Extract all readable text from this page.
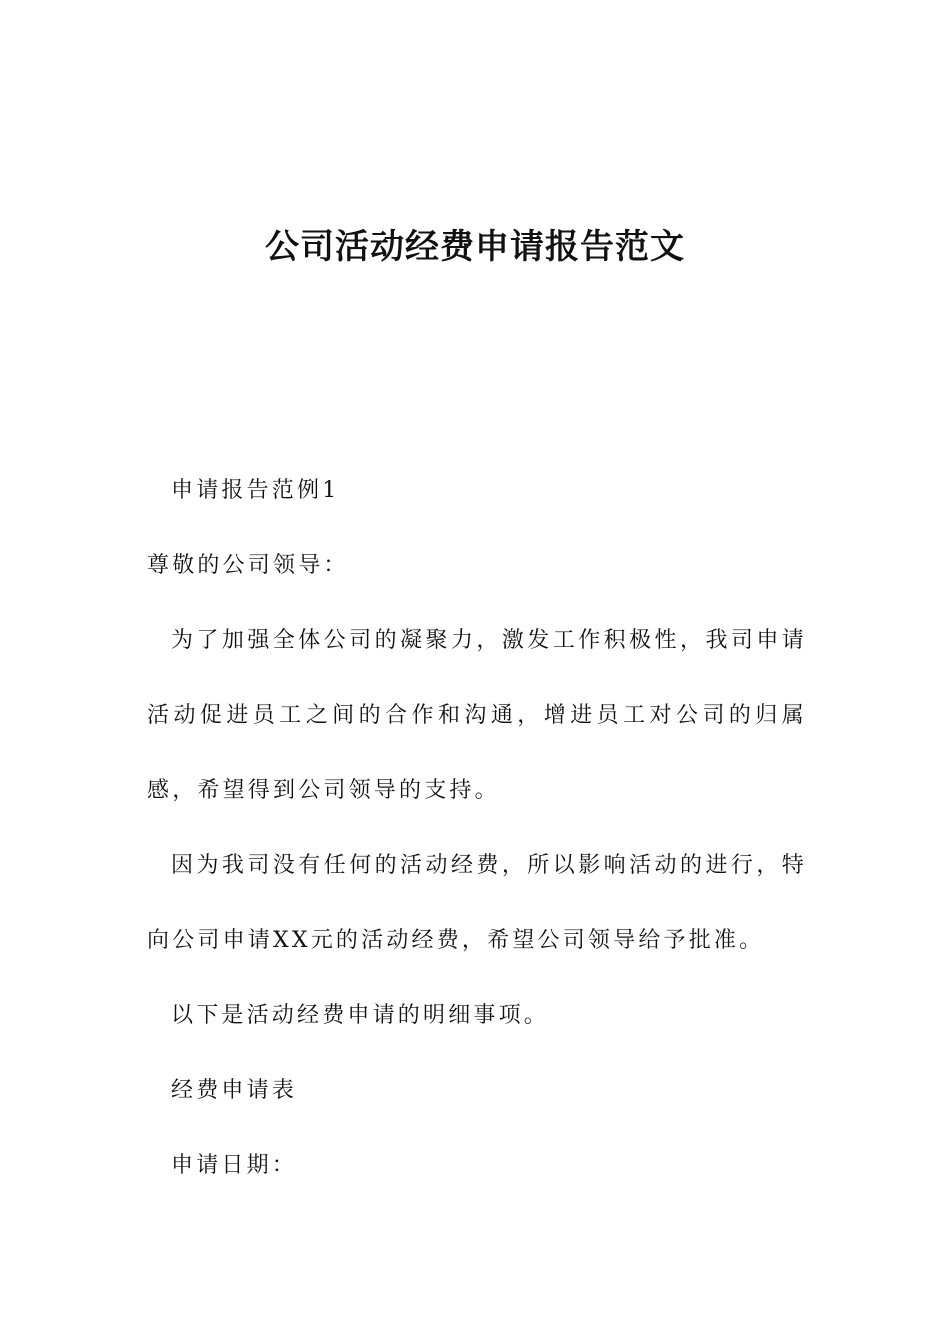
公司活动经费申请报告范文

申请报告范例1

尊敬的公司领导：

为了加强全体公司的凝聚力，激发工作积极性，我司申请活动促进员工之间的合作和沟通，增进员工对公司的归属感，希望得到公司领导的支持。

因为我司没有任何的活动经费，所以影响活动的进行，特向公司申请XX元的活动经费，希望公司领导给予批准。

以下是活动经费申请的明细事项。

经费申请表

申请日期：
